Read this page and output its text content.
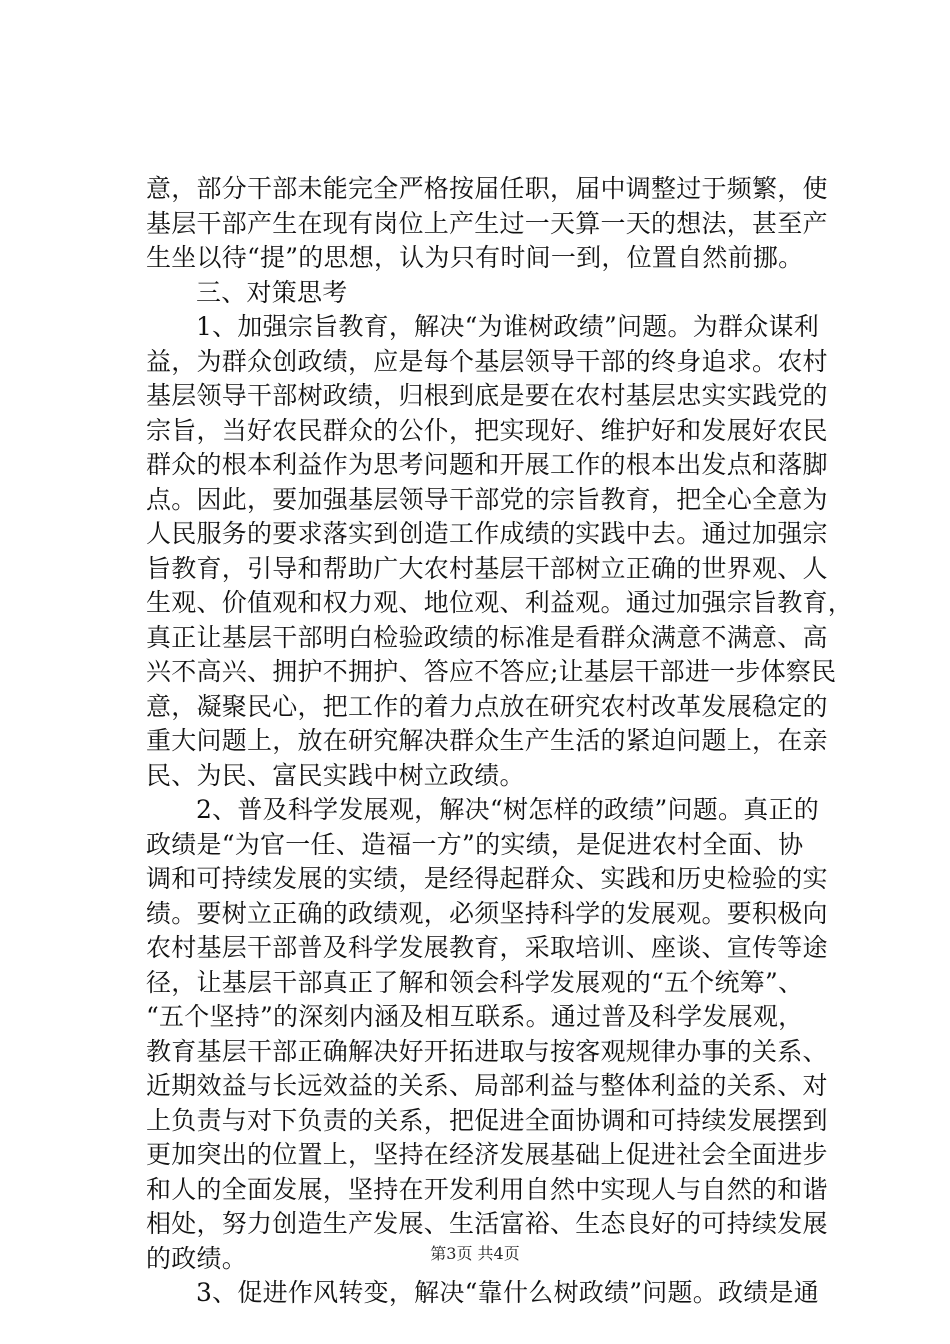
意，部分干部未能完全严格按届任职，届中调整过于频繁，使
基层干部产生在现有岗位上产生过一天算一天的想法，甚至产
生坐以待“提”的思想，认为只有时间一到，位置自然前挪。
三、对策思考
1、加强宗旨教育，解决“为谁树政绩”问题。为群众谋利
益，为群众创政绩，应是每个基层领导干部的终身追求。农村
基层领导干部树政绩，归根到底是要在农村基层忠实实践党的
宗旨，当好农民群众的公仆，把实现好、维护好和发展好农民
群众的根本利益作为思考问题和开展工作的根本出发点和落脚
点。因此，要加强基层领导干部党的宗旨教育，把全心全意为
人民服务的要求落实到创造工作成绩的实践中去。通过加强宗
旨教育，引导和帮助广大农村基层干部树立正确的世界观、人
生观、价值观和权力观、地位观、利益观。通过加强宗旨教育，
真正让基层干部明白检验政绩的标准是看群众满意不满意、高
兴不高兴、拥护不拥护、答应不答应;让基层干部进一步体察民
意，凝聚民心，把工作的着力点放在研究农村改革发展稳定的
重大问题上，放在研究解决群众生产生活的紧迫问题上，在亲
民、为民、富民实践中树立政绩。
2、普及科学发展观，解决“树怎样的政绩”问题。真正的
政绩是“为官一任、造福一方”的实绩，是促进农村全面、协
调和可持续发展的实绩，是经得起群众、实践和历史检验的实
绩。要树立正确的政绩观，必须坚持科学的发展观。要积极向
农村基层干部普及科学发展教育，采取培训、座谈、宣传等途
径，让基层干部真正了解和领会科学发展观的“五个统筹”、
“五个坚持”的深刻内涵及相互联系。通过普及科学发展观，
教育基层干部正确解决好开拓进取与按客观规律办事的关系、
近期效益与长远效益的关系、局部利益与整体利益的关系、对
上负责与对下负责的关系，把促进全面协调和可持续发展摆到
更加突出的位置上，坚持在经济发展基础上促进社会全面进步
和人的全面发展，坚持在开发利用自然中实现人与自然的和谐
相处，努力创造生产发展、生活富裕、生态良好的可持续发展
的政绩。
3、促进作风转变，解决“靠什么树政绩”问题。政绩是通
第3页 共4页
